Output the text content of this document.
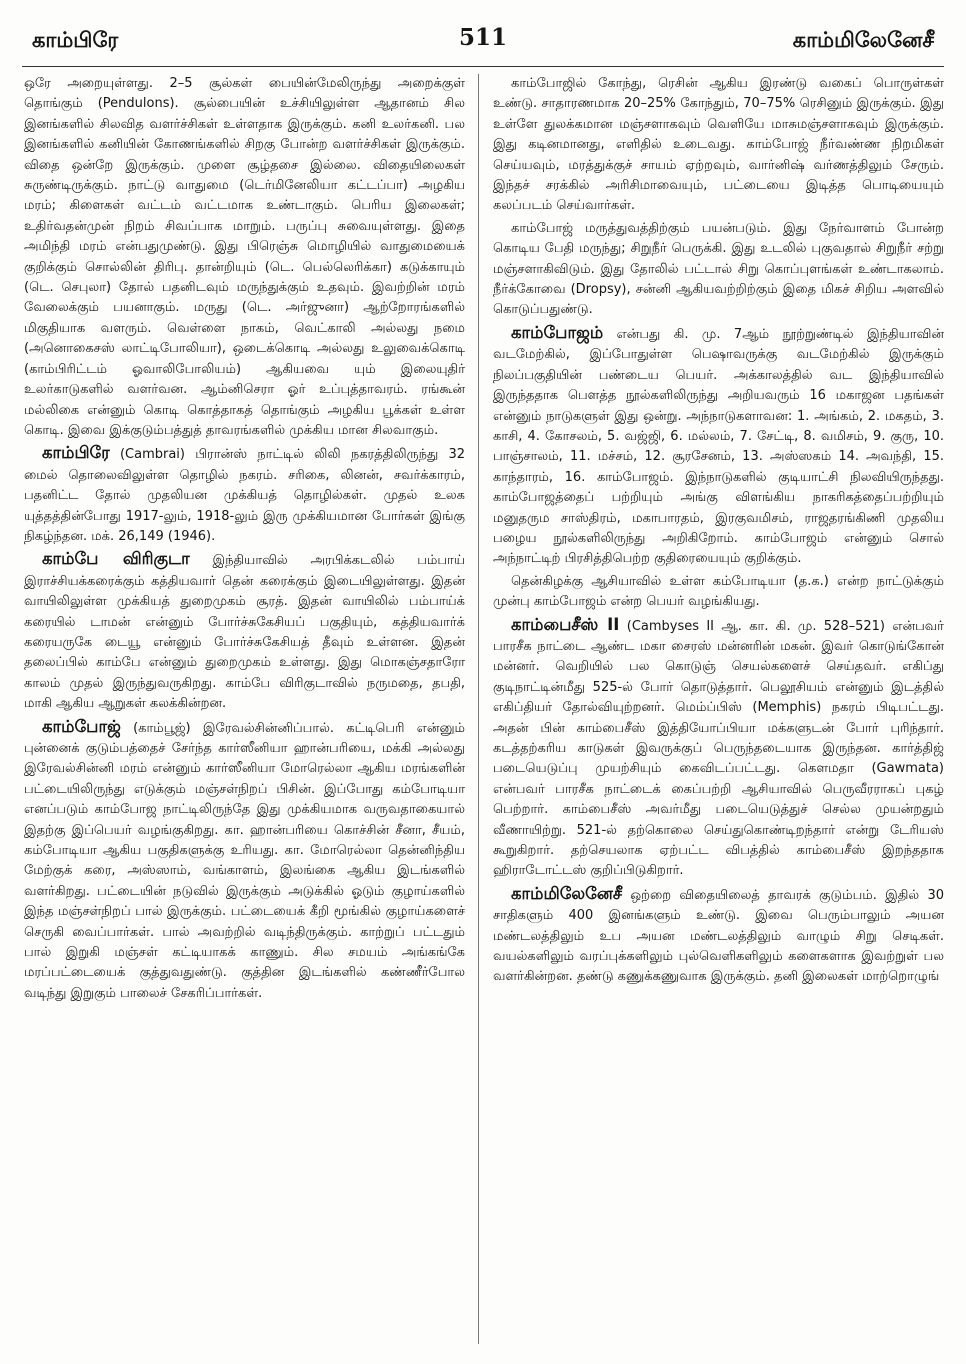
காம்பிரே	511	காம்மிலேனேசீ

ஒரே அறையுள்ளது. 2–5 சூல்கள் பையின்மேலிருந்து அறைக்குள் தொங்கும் (Pendulons). சூல்பையின் உச்சியிலுள்ள ஆதானம் சில இனங்களில் சிலவித வளர்ச்சிகள் உள்ளதாக இருக்கும். கனி உலர்கனி. பல இனங்களில் கனியின் கோணங்களில் சிறகு போன்ற வளர்ச்சிகள் இருக்கும். விதை ஒன்றே இருக்கும். முளை சூழ்தசை இல்லை. விதையிலைகள் சுருண்டிருக்கும். நாட்டு வாதுமை (டெர்மினேலியா கட்டப்பா) அழகிய மரம்; கிளைகள் வட்டம் வட்டமாக உண்டாகும். பெரிய இலைகள்; உதிர்வதன்முன் நிறம் சிவப்பாக மாறும். பருப்பு சுவையுள்ளது. இதை அமிந்தி மரம் என்பதுமுண்டு. இது பிரெஞ்சு மொழியில் வாதுமையைக் குறிக்கும் சொல்லின் திரிபு. தான்றியும் (டெ. பெல்லெரிக்கா) கடுக்காயும் (டெ. செபுலா) தோல் பதனிடவும் மருந்துக்கும் உதவும். இவற்றின் மரம் வேலைக்கும் பயனாகும். மருது (டெ. அர்ஜுனா) ஆற்றோரங்களில் மிகுதியாக வளரும். வெள்ளை நாகம், வெட்காலி அல்லது நமை (அனொகைசஸ் லாட்டிபோலியா), ஒடைக்கொடி அல்லது உலுவைக்கொடி (காம்பிரிட்டம் ஓவாலிபோலியம்) ஆகியவை யும் இலையுதிர் உலர்காடுகளில் வளர்வன. ஆம்னிசெரா ஓர் உப்புத்தாவரம். ரங்கூன் மல்லிகை என்னும் கொடி கொத்தாகத் தொங்கும் அழகிய பூக்கள் உள்ள கொடி. இவை இக்குடும்பத்துத் தாவரங்களில் முக்கிய மான சிலவாகும்.

காம்பிரே (Cambrai) பிரான்ஸ் நாட்டில் லிலி நகரத்திலிருந்து 32 மைல் தொலைவிலுள்ள தொழில் நகரம். சரிகை, லினன், சவர்க்காரம், பதனிட்ட தோல் முதலியன முக்கியத் தொழில்கள். முதல் உலக யுத்தத்தின்போது 1917-லும், 1918-லும் இரு முக்கியமான போர்கள் இங்கு நிகழ்ந்தன. மக். 26,149 (1946).

காம்பே விரிகுடா இந்தியாவில் அரபிக்கடலில் பம்பாய் இராச்சியக்கரைக்கும் கத்தியவார் தென் கரைக்கும் இடையிலுள்ளது. இதன் வாயிலிலுள்ள முக்கியத் துறைமுகம் சூரத். இதன் வாயிலில் பம்பாய்க் கரையில் டாமன் என்னும் போர்ச்சுகேசியப் பகுதியும், கத்தியவார்க் கரையருகே டையூ என்னும் போர்ச்சுகேசியத் தீவும் உள்ளன. இதன் தலைப்பில் காம்பே என்னும் துறைமுகம் உள்ளது. இது மொகஞ்சதாரோ காலம் முதல் இருந்துவருகிறது. காம்பே விரிகுடாவில் நருமதை, தபதி, மாகி ஆகிய ஆறுகள் கலக்கின்றன.

காம்போஜ் (காம்பூஜ்) இரேவல்சின்னிப்பால். கட்டிபெரி என்னும் புன்னைக் குடும்பத்தைச் சேர்ந்த கார்ஸீனியா ஹான்பரியை, மக்கி அல்லது இரேவல்சின்னி மரம் என்னும் கார்ஸீனியா மோரெல்லா ஆகிய மரங்களின் பட்டையிலிருந்து எடுக்கும் மஞ்சள்நிறப் பிசின். இப்போது கம்போடியா எனப்படும் காம்போஜ நாட்டிலிருந்தே இது முக்கியமாக வருவதாகையால் இதற்கு இப்பெயர் வழங்குகிறது. கா. ஹான்பரியை கொச்சின் சீனா, சீயம், கம்போடியா ஆகிய பகுதிகளுக்கு உரியது. கா. மோரெல்லா தென்னிந்திய மேற்குக் கரை, அஸ்ஸாம், வங்காளம், இலங்கை ஆகிய இடங்களில் வளர்கிறது. பட்டையின் நடுவில் இருக்கும் அடுக்கில் ஓடும் குழாய்களில் இந்த மஞ்சள்நிறப் பால் இருக்கும். பட்டையைக் கீறி மூங்கில் குழாய்களைச் செருகி வைப்பார்கள். பால் அவற்றில் வடிந்திருக்கும். காற்றுப் பட்டதும் பால் இறுகி மஞ்சள் கட்டியாகக் காணும். சில சமயம் அங்கங்கே மரப்பட்டையைக் குத்துவதுண்டு. குத்தின இடங்களில் கண்ணீர்போல வடிந்து இறுகும் பாலைச் சேகரிப்பார்கள்.

காம்போஜில் கோந்து, ரெசின் ஆகிய இரண்டு வகைப் பொருள்கள் உண்டு. சாதாரணமாக 20–25% கோந்தும், 70–75% ரெசினும் இருக்கும். இது உள்ளே துலக்கமான மஞ்சளாகவும் வெளியே மாசுமஞ்சளாகவும் இருக்கும். இது கடினமானது, எளிதில் உடைவது. காம்போஜ் நீர்வண்ண நிறமிகள் செய்யவும், மரத்துக்குச் சாயம் ஏற்றவும், வார்னிஷ் வர்ணத்திலும் சேரும். இந்தச் சரக்கில் அரிசிமாவையும், பட்டையை இடித்த பொடியையும் கலப்படம் செய்வார்கள்.

காம்போஜ் மருத்துவத்திற்கும் பயன்படும். இது நேர்வாளம் போன்ற கொடிய பேதி மருந்து; சிறுநீர் பெருக்கி. இது உடலில் புகுவதால் சிறுநீர் சற்று மஞ்சளாகிவிடும். இது தோலில் பட்டால் சிறு கொப்புளங்கள் உண்டாகலாம். நீர்க்கோவை (Dropsy), சன்னி ஆகியவற்றிற்கும் இதை மிகச் சிறிய அளவில் கொடுப்பதுண்டு.

காம்போஜம் என்பது கி. மு. 7ஆம் நூற்றுண்டில் இந்தியாவின் வடமேற்கில், இப்போதுள்ள பெஷாவருக்கு வடமேற்கில் இருக்கும் நிலப்பகுதியின் பண்டைய பெயர். அக்காலத்தில் வட இந்தியாவில் இருந்ததாக பௌத்த நூல்களிலிருந்து அறியவரும் 16 மகாஜன பதங்கள் என்னும் நாடுகளுள் இது ஒன்று. அந்நாடுகளாவன: 1. அங்கம், 2. மகதம், 3. காசி, 4. கோசலம், 5. வஜ்ஜி, 6. மல்லம், 7. சேட்டி, 8. வமிசம், 9. குரு, 10. பாஞ்சாலம், 11. மச்சம், 12. சூரசேனம், 13. அஸ்ஸகம் 14. அவந்தி, 15. காந்தாரம், 16. காம்போஜம். இந்நாடுகளில் குடியாட்சி நிலவியிருந்தது. காம்போஜத்தைப் பற்றியும் அங்கு விளங்கிய நாகரிகத்தைப்பற்றியும் மனுதரும சாஸ்திரம், மகாபாரதம், இரகுவமிசம், ராஜதரங்கிணி முதலிய பழைய நூல்களிலிருந்து அறிகிறோம். காம்போஜம் என்னும் சொல் அந்நாட்டிற் பிரசித்திபெற்ற குதிரையையும் குறிக்கும்.

தென்கிழக்கு ஆசியாவில் உள்ள கம்போடியா (த.க.) என்ற நாட்டுக்கும் முன்பு காம்போஜம் என்ற பெயர் வழங்கியது.

காம்பைசீஸ் II (Cambyses II ஆ. கா. கி. மு. 528–521) என்பவர் பாரசீக நாட்டை ஆண்ட மகா சைரஸ் மன்னரின் மகன். இவர் கொடுங்கோன் மன்னர். வெறியில் பல கொடுஞ் செயல்களைச் செய்தவர். எகிப்து குடிநாட்டின்மீது 525-ல் போர் தொடுத்தார். பெலூசியம் என்னும் இடத்தில் எகிப்தியர் தோல்வியுற்றனர். மெம்ப்பிஸ் (Memphis) நகரம் பிடிபட்டது. அதன் பின் காம்பைசீஸ் இத்தியோப்பியா மக்களுடன் போர் புரிந்தார். கடத்தற்கரிய காடுகள் இவருக்குப் பெருந்தடையாக இருந்தன. கார்த்திஜ் படையெடுப்பு முயற்சியும் கைவிடப்பட்டது. கௌமதா (Gawmata) என்பவர் பாரசீக நாட்டைக் கைப்பற்றி ஆசியாவில் பெருவீரராகப் புகழ் பெற்றார். காம்பைசீஸ் அவர்மீது படையெடுத்துச் செல்ல முயன்றதும் வீணாயிற்று. 521-ல் தற்கொலை செய்துகொண்டிறந்தார் என்று டேரியஸ் கூறுகிறார். தற்செயலாக ஏற்பட்ட விபத்தில் காம்பைசீஸ் இறந்ததாக ஹிராடோட்டஸ் குறிப்பிடுகிறார்.

காம்மிலேனேசீ ஒற்றை விதையிலைத் தாவரக் குடும்பம். இதில் 30 சாதிகளும் 400 இனங்களும் உண்டு. இவை பெரும்பாலும் அயன மண்டலத்திலும் உப அயன மண்டலத்திலும் வாழும் சிறு செடிகள். வயல்களிலும் வரப்புக்களிலும் புல்வெளிகளிலும் களைகளாக இவற்றுள் பல வளர்கின்றன. தண்டு கணுக்கணுவாக இருக்கும். தனி இலைகள் மாற்றொழுங்
